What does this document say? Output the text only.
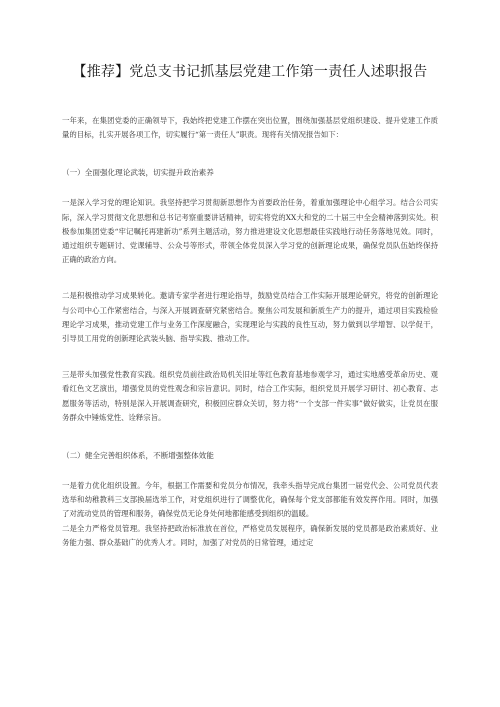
【推荐】党总支书记抓基层党建工作第一责任人述职报告

一年来，在集团党委的正确领导下，我始终把党建工作摆在突出位置，围绕加强基层党组织建设、提升党建工作质量的目标，扎实开展各项工作，切实履行“第一责任人”职责。现将有关情况报告如下：

（一）全面强化理论武装，切实提升政治素养

一是深入学习党的理论知识。我坚持把学习贯彻新思想作为首要政治任务，着重加强理论中心组学习。结合公司实际，深入学习贯彻文化思想和总书记考察重要讲话精神，切实将党的XX大和党的二十届三中全会精神落到实处。积极参加集团党委“牢记嘱托再建新功”系列主题活动，努力推进建设文化思想最佳实践地行动任务落地见效。同时，通过组织专题研讨、党课辅导、公众号等形式，带领全体党员深入学习党的创新理论成果，确保党员队伍始终保持正确的政治方向。

二是积极推动学习成果转化。邀请专家学者进行理论指导，鼓励党员结合工作实际开展理论研究，将党的创新理论与公司中心工作紧密结合，与深入开展调查研究紧密结合。聚焦公司发展和新质生产力的提升，通过项目实践检验理论学习成果，推动党建工作与业务工作深度融合，实现理论与实践的良性互动，努力做到以学增智、以学促干，引导员工用党的创新理论武装头脑、指导实践、推动工作。

三是带头加强党性教育实践。组织党员前往政治局机关旧址等红色教育基地参观学习，通过实地感受革命历史、观看红色文艺演出，增强党员的党性观念和宗旨意识。同时，结合工作实际，组织党员开展学习研讨、初心教育、志愿服务等活动，特别是深入开展调查研究，积极回应群众关切，努力将“一个支部一件实事”做好做实，让党员在服务群众中锤炼党性、诠释宗旨。

（二）健全完善组织体系，不断增强整体效能

一是着力优化组织设置。今年，根据工作需要和党员分布情况，我牵头指导完成台集团一届党代会、公司党员代表选举和幼稚教科三支部换届选举工作，对党组织进行了调整优化，确保每个党支部都能有效发挥作用。同时，加强了对流动党员的管理和服务，确保党员无论身处何地都能感受到组织的温暖。

二是全力严格党员管理。我坚持把政治标准放在首位，严格党员发展程序，确保新发展的党员都是政治素质好、业务能力强、群众基础广的优秀人才。同时，加强了对党员的日常管理，通过定
